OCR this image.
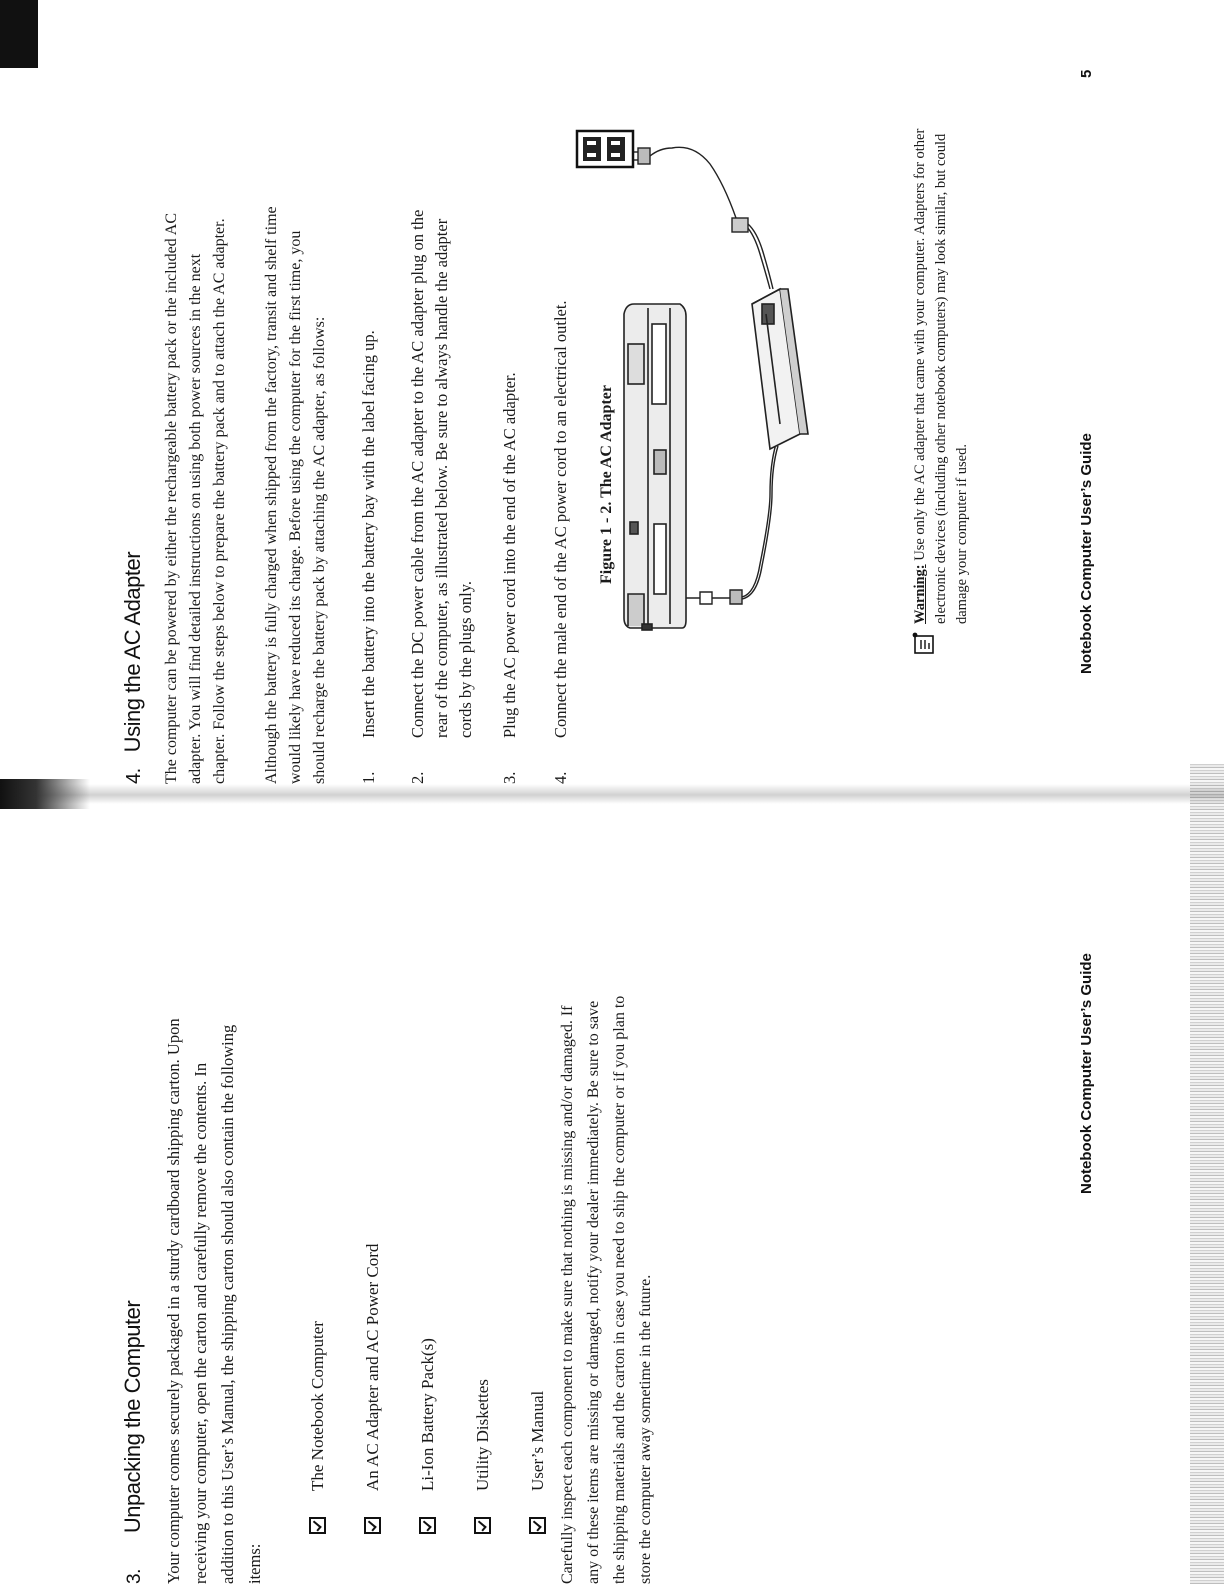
3.
Unpacking the Computer Your computer comes securely packaged in a sturdy cardboard shipping carton. Upon receiving your computer, open the carton and carefully remove the contents. In addition to this User’s Manual, the shipping carton should also contain the following items:
The Notebook Computer An AC Adapter and AC Power Cord Li-Ion Battery Pack(s) Utility Diskettes User’s Manual Carefully inspect each component to make sure that nothing is missing and/or damaged. If any of these items are missing or damaged, notify your dealer immediately. Be sure to save the shipping materials and the carton in case you need to ship the computer or if you plan to store the computer away sometime in the future.
Notebook Computer User’s Guide
4.
Using the AC Adapter The computer can be powered by either the rechargeable battery pack or the included AC adapter. You will find detailed instructions on using both power sources in the next chapter. Follow the steps below to prepare the battery pack and to attach the AC adapter. Although the battery is fully charged when shipped from the factory, transit and shelf time would likely have reduced its charge. Before using the computer for the first time, you should recharge the battery pack by attaching the AC adapter, as follows: 1.
Insert the battery into the battery bay with the label facing up.
2.
Connect the DC power cable from the AC adapter to the AC adapter plug on the rear of the computer, as illustrated below. Be sure to always handle the adapter cords by the plugs only.
3.
Plug the AC power cord into the end of the AC adapter.
4.
Connect the male end of the AC power cord to an electrical outlet. Figure 1 - 2. The AC Adapter
Warning: Use only the AC adapter that came with your computer. Adapters for other electronic devices (including other notebook computers) may look similar, but could damage your computer if used.	Notebook Computer User’s Guide
5
